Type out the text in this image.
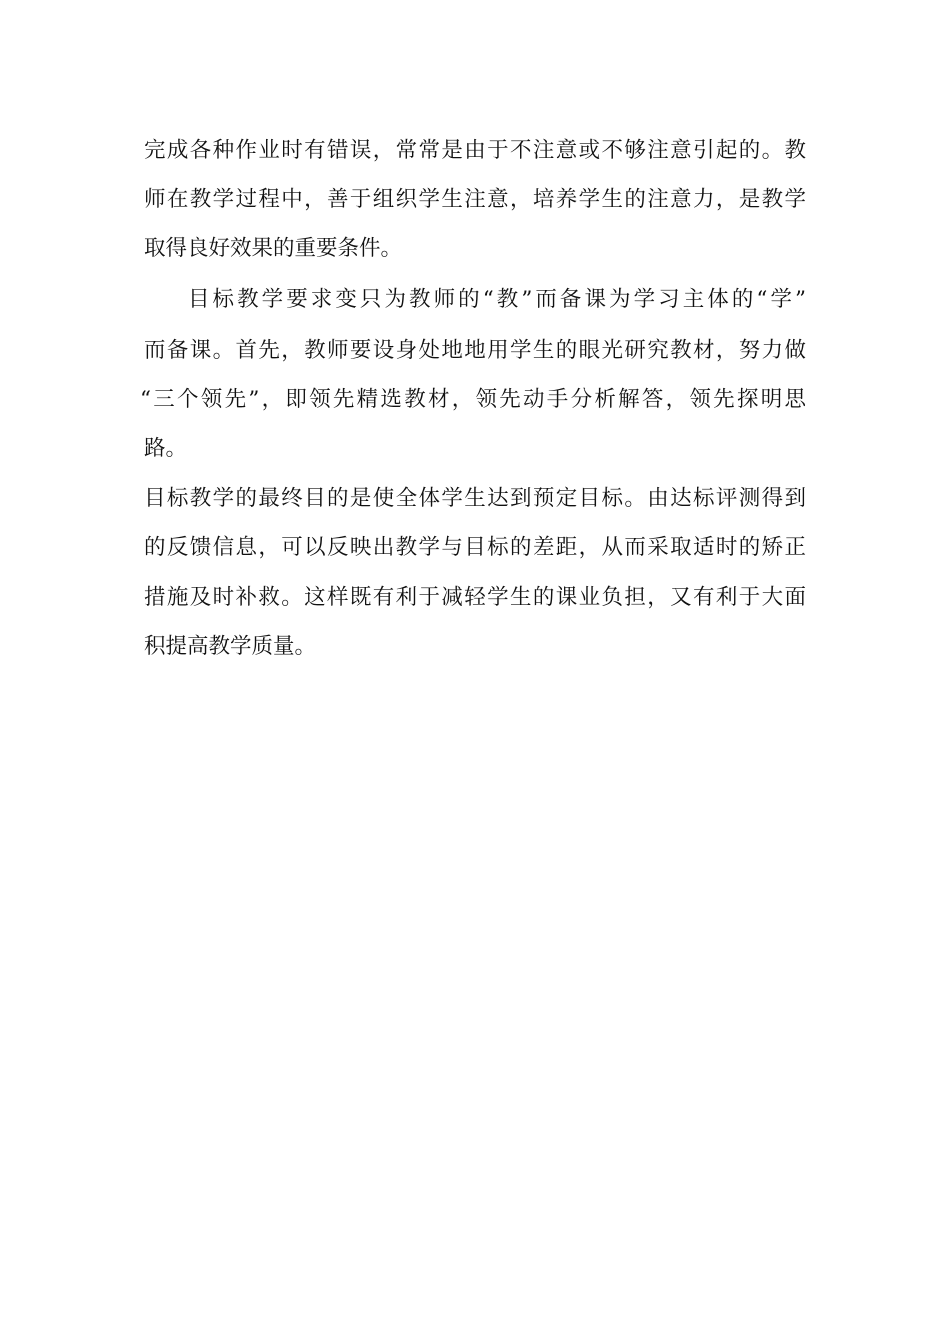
完成各种作业时有错误，常常是由于不注意或不够注意引起的。教
师在教学过程中，善于组织学生注意，培养学生的注意力，是教学
取得良好效果的重要条件。
目标教学要求变只为教师的“教”而备课为学习主体的“学”
而备课。首先，教师要设身处地地用学生的眼光研究教材，努力做
“三个领先”，即领先精选教材，领先动手分析解答，领先探明思
路。
目标教学的最终目的是使全体学生达到预定目标。由达标评测得到
的反馈信息，可以反映出教学与目标的差距，从而采取适时的矫正
措施及时补救。这样既有利于减轻学生的课业负担，又有利于大面
积提高教学质量。
